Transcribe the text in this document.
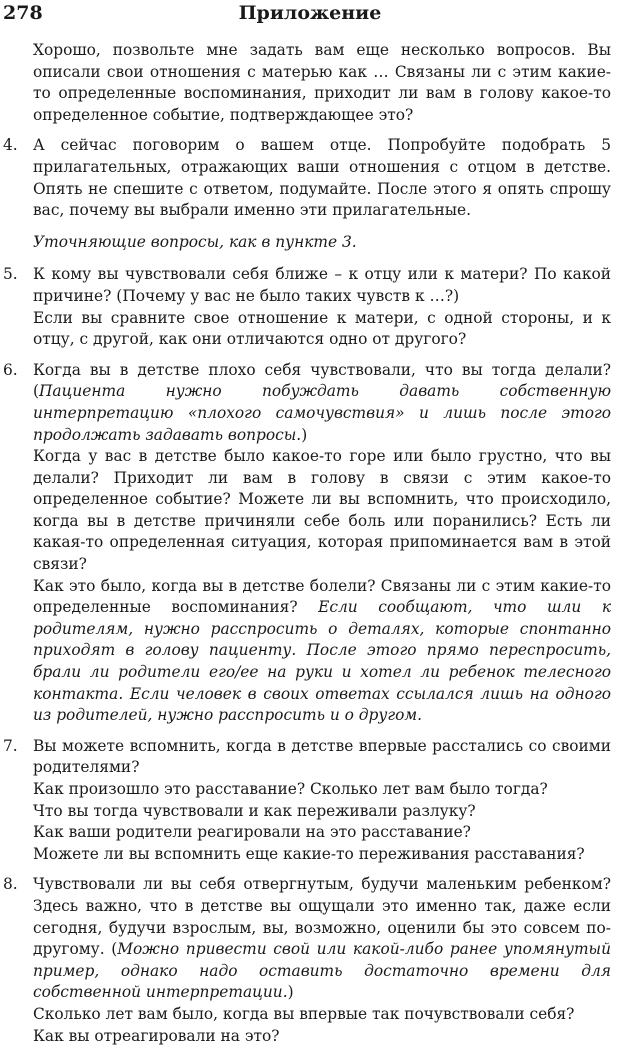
278	Приложение
Хорошо, позвольте мне задать вам еще несколько вопросов. Вы описали свои отношения с матерью как … Связаны ли с этим какие-то определенные воспоминания, приходит ли вам в голову какое-то определенное событие, подтверждающее это?
4. А сейчас поговорим о вашем отце. Попробуйте подобрать 5 прилагательных, отражающих ваши отношения с отцом в детстве. Опять не спешите с ответом, подумайте. После этого я опять спрошу вас, почему вы выбрали именно эти прилагательные.

Уточняющие вопросы, как в пункте 3.
5. К кому вы чувствовали себя ближе – к отцу или к матери? По какой причине? (Почему у вас не было таких чувств к …?)

Если вы сравните свое отношение к матери, с одной стороны, и к отцу, с другой, как они отличаются одно от другого?

6. Когда вы в детстве плохо себя чувствовали, что вы тогда делали? (Пациента нужно побуждать давать собственную интерпретацию «плохого самочувствия» и лишь после этого продолжать задавать вопросы.)

Когда у вас в детстве было какое-то горе или было грустно, что вы делали? Приходит ли вам в голову в связи с этим какое-то определенное событие? Можете ли вы вспомнить, что происходило, когда вы в детстве причиняли себе боль или поранились? Есть ли какая-то определенная ситуация, которая припоминается вам в этой связи?

Как это было, когда вы в детстве болели? Связаны ли с этим какие-то определенные воспоминания? Если сообщают, что шли к родителям, нужно расспросить о деталях, которые спонтанно приходят в голову пациенту. После этого прямо переспросить, брали ли родители его/ее на руки и хотел ли ребенок телесного контакта. Если человек в своих ответах ссылался лишь на одного из родителей, нужно расспросить и о другом.

7. Вы можете вспомнить, когда в детстве впервые расстались со своими родителями?

Как произошло это расставание? Сколько лет вам было тогда?

Что вы тогда чувствовали и как переживали разлуку?

Как ваши родители реагировали на это расставание?

Можете ли вы вспомнить еще какие-то переживания расставания?

8. Чувствовали ли вы себя отвергнутым, будучи маленьким ребенком? Здесь важно, что в детстве вы ощущали это именно так, даже если сегодня, будучи взрослым, вы, возможно, оценили бы это совсем по-другому. (Можно привести свой или какой-либо ранее упомянутый пример, однако надо оставить достаточно времени для собственной интерпретации.)

Сколько лет вам было, когда вы впервые так почувствовали себя?

Как вы отреагировали на это?
